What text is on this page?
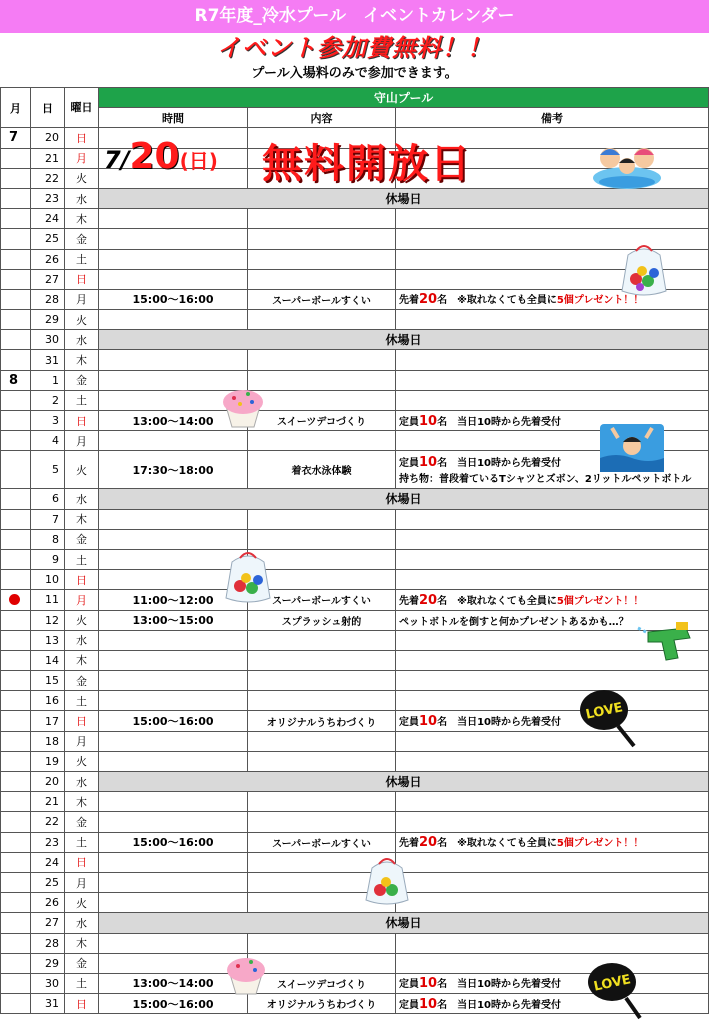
R7年度_冷水プール　イベントカレンダー
イベント参加費無料！！
プール入場料のみで参加できます。
月	日	曜日	守山プール		
			時間	内容	備考
7	20	日			
	21	月			
	22	火			
	23	水	休場日		
	24	木			
	25	金			
	26	土			
	27	日			
	28	月	15:00～16:00	スーパーボールすくい	先着20名　※取れなくても全員に5個プレゼント！！
	29	火			
	30	水	休場日		
	31	木			
8	1	金			
	2	土			
	3	日	13:00～14:00	スイーツデコづくり	定員10名　当日10時から先着受付
	4	月			
	5	火	17:30～18:00	着衣水泳体験	定員10名　当日10時から先着受付
持ち物：普段着ているTシャツとズボン、2リットルペットボトル
	6	水	休場日		
	7	木			
	8	金			
	9	土			
	10	日			
	11	月	11:00～12:00	スーパーボールすくい	先着20名　※取れなくても全員に5個プレゼント！！
	12	火	13:00～15:00	スプラッシュ射的	ペットボトルを倒すと何かプレゼントあるかも…？
	13	水			
	14	木			
	15	金			
	16	土			
	17	日	15:00～16:00	オリジナルうちわづくり	定員10名　当日10時から先着受付
	18	月			
	19	火			
	20	水	休場日		
	21	木			
	22	金			
	23	土	15:00～16:00	スーパーボールすくい	先着20名　※取れなくても全員に5個プレゼント！！
	24	日			
	25	月			
	26	火			
	27	水	休場日		
	28	木			
	29	金			
	30	土	13:00～14:00	スイーツデコづくり	定員10名　当日10時から先着受付
	31	日	15:00～16:00	オリジナルうちわづくり	定員10名　当日10時から先着受付
7/20(日) 無料開放日
LOVE
LOVE
